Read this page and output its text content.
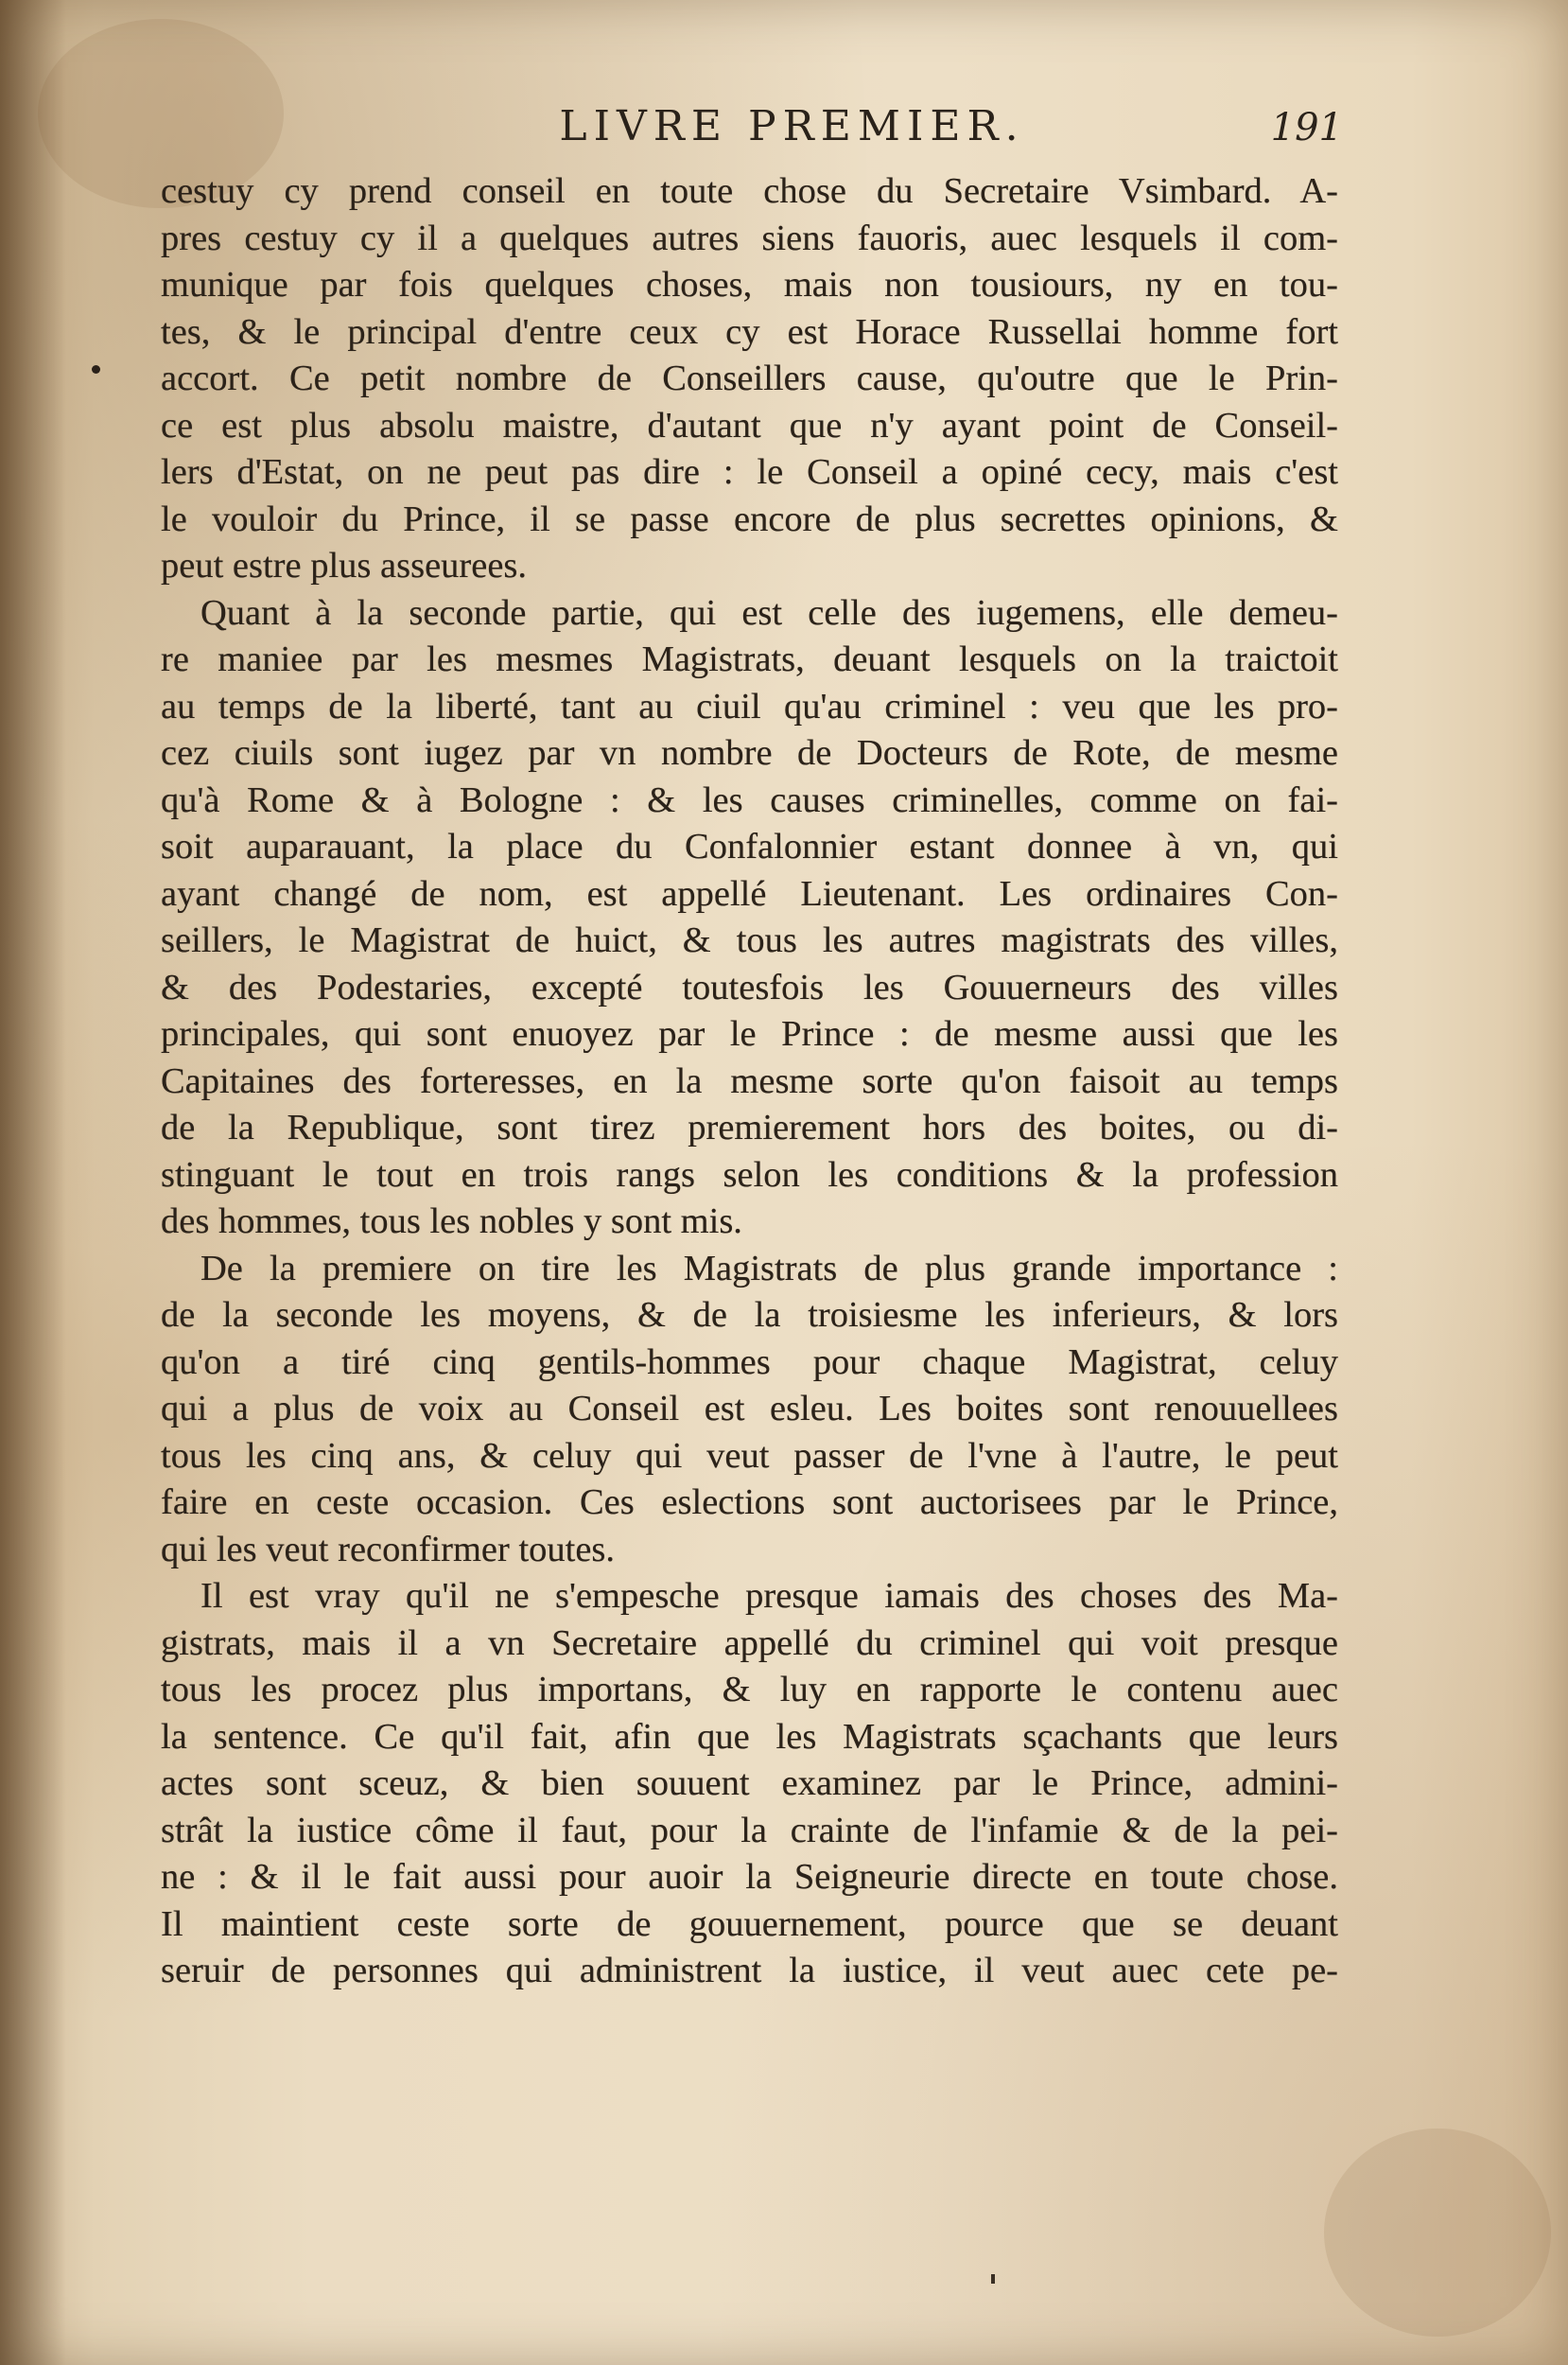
LIVRE PREMIER.	191
cestuy cy prend conseil en toute chose du Secretaire Vsimbard. A-
pres cestuy cy il a quelques autres siens fauoris, auec lesquels il com-
munique par fois quelques choses, mais non tousiours, ny en tou-
tes, & le principal d'entre ceux cy est Horace Russellai homme fort
accort. Ce petit nombre de Conseillers cause, qu'outre que le Prin-
ce est plus absolu maistre, d'autant que n'y ayant point de Conseil-
lers d'Estat, on ne peut pas dire : le Conseil a opiné cecy, mais c'est
le vouloir du Prince, il se passe encore de plus secrettes opinions, &
peut estre plus asseurees.
Quant à la seconde partie, qui est celle des iugemens, elle demeu-
re maniee par les mesmes Magistrats, deuant lesquels on la traictoit
au temps de la liberté, tant au ciuil qu'au criminel : veu que les pro-
cez ciuils sont iugez par vn nombre de Docteurs de Rote, de mesme
qu'à Rome & à Bologne : & les causes criminelles, comme on fai-
soit auparauant, la place du Confalonnier estant donnee à vn, qui
ayant changé de nom, est appellé Lieutenant. Les ordinaires Con-
seillers, le Magistrat de huict, & tous les autres magistrats des villes,
& des Podestaries, excepté toutesfois les Gouuerneurs des villes
principales, qui sont enuoyez par le Prince : de mesme aussi que les
Capitaines des forteresses, en la mesme sorte qu'on faisoit au temps
de la Republique, sont tirez premierement hors des boites, ou di-
stinguant le tout en trois rangs selon les conditions & la profession
des hommes, tous les nobles y sont mis.
De la premiere on tire les Magistrats de plus grande importance :
de la seconde les moyens, & de la troisiesme les inferieurs, & lors
qu'on a tiré cinq gentils-hommes pour chaque Magistrat, celuy
qui a plus de voix au Conseil est esleu. Les boites sont renouuellees
tous les cinq ans, & celuy qui veut passer de l'vne à l'autre, le peut
faire en ceste occasion. Ces eslections sont auctorisees par le Prince,
qui les veut reconfirmer toutes.
Il est vray qu'il ne s'empesche presque iamais des choses des Ma-
gistrats, mais il a vn Secretaire appellé du criminel qui voit presque
tous les procez plus importans, & luy en rapporte le contenu auec
la sentence. Ce qu'il fait, afin que les Magistrats sçachants que leurs
actes sont sceuz, & bien souuent examinez par le Prince, admini-
strât la iustice côme il faut, pour la crainte de l'infamie & de la pei-
ne : & il le fait aussi pour auoir la Seigneurie directe en toute chose.
Il maintient ceste sorte de gouuernement, pource que se deuant
seruir de personnes qui administrent la iustice, il veut auec cete pe-
